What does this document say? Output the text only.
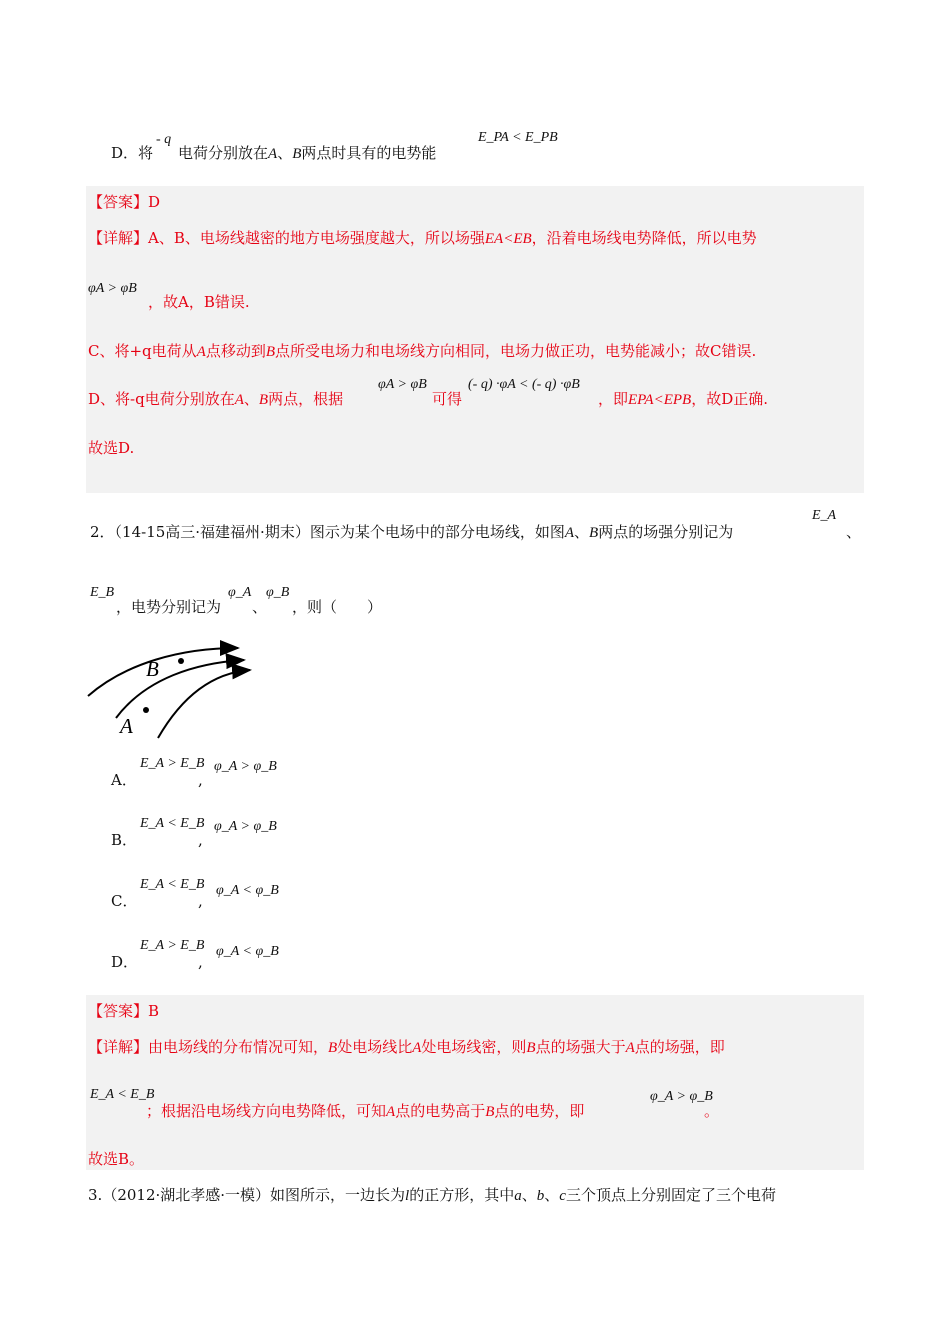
D．将
- q
电荷分别放在A、B两点时具有的电势能
E_PA < E_PB
【答案】D
【详解】A、B、电场线越密的地方电场强度越大，所以场强EA<EB，沿着电场线电势降低，所以电势
φA > φB
，故A，B错误.
C、将+q电荷从A点移动到B点所受电场力和电场线方向相同，电场力做正功，电势能减小；故C错误.
D、将-q电荷分别放在A、B两点，根据
φA > φB
可得
(- q) ·φA < (- q) ·φB
，即EPA<EPB，故D正确.
故选D.
2．（14-15高三·福建福州·期末）图示为某个电场中的部分电场线，如图A、B两点的场强分别记为
E_A
、
E_B
，电势分别记为
φ_A
、
φ_B
，则（　　）
B
A
E_A > E_B
A．	,
φ_A > φ_B
E_A < E_B
B．	,
φ_A > φ_B
E_A < E_B
C．	,
φ_A < φ_B
E_A > E_B
D．	,
φ_A < φ_B
【答案】B
【详解】由电场线的分布情况可知，B处电场线比A处电场线密，则B点的场强大于A点的场强，即
E_A < E_B
；根据沿电场线方向电势降低，可知A点的电势高于B点的电势，即
φ_A > φ_B
。
故选B。
3.（2012·湖北孝感·一模）如图所示，一边长为l的正方形，其中a、b、c三个顶点上分别固定了三个电荷
